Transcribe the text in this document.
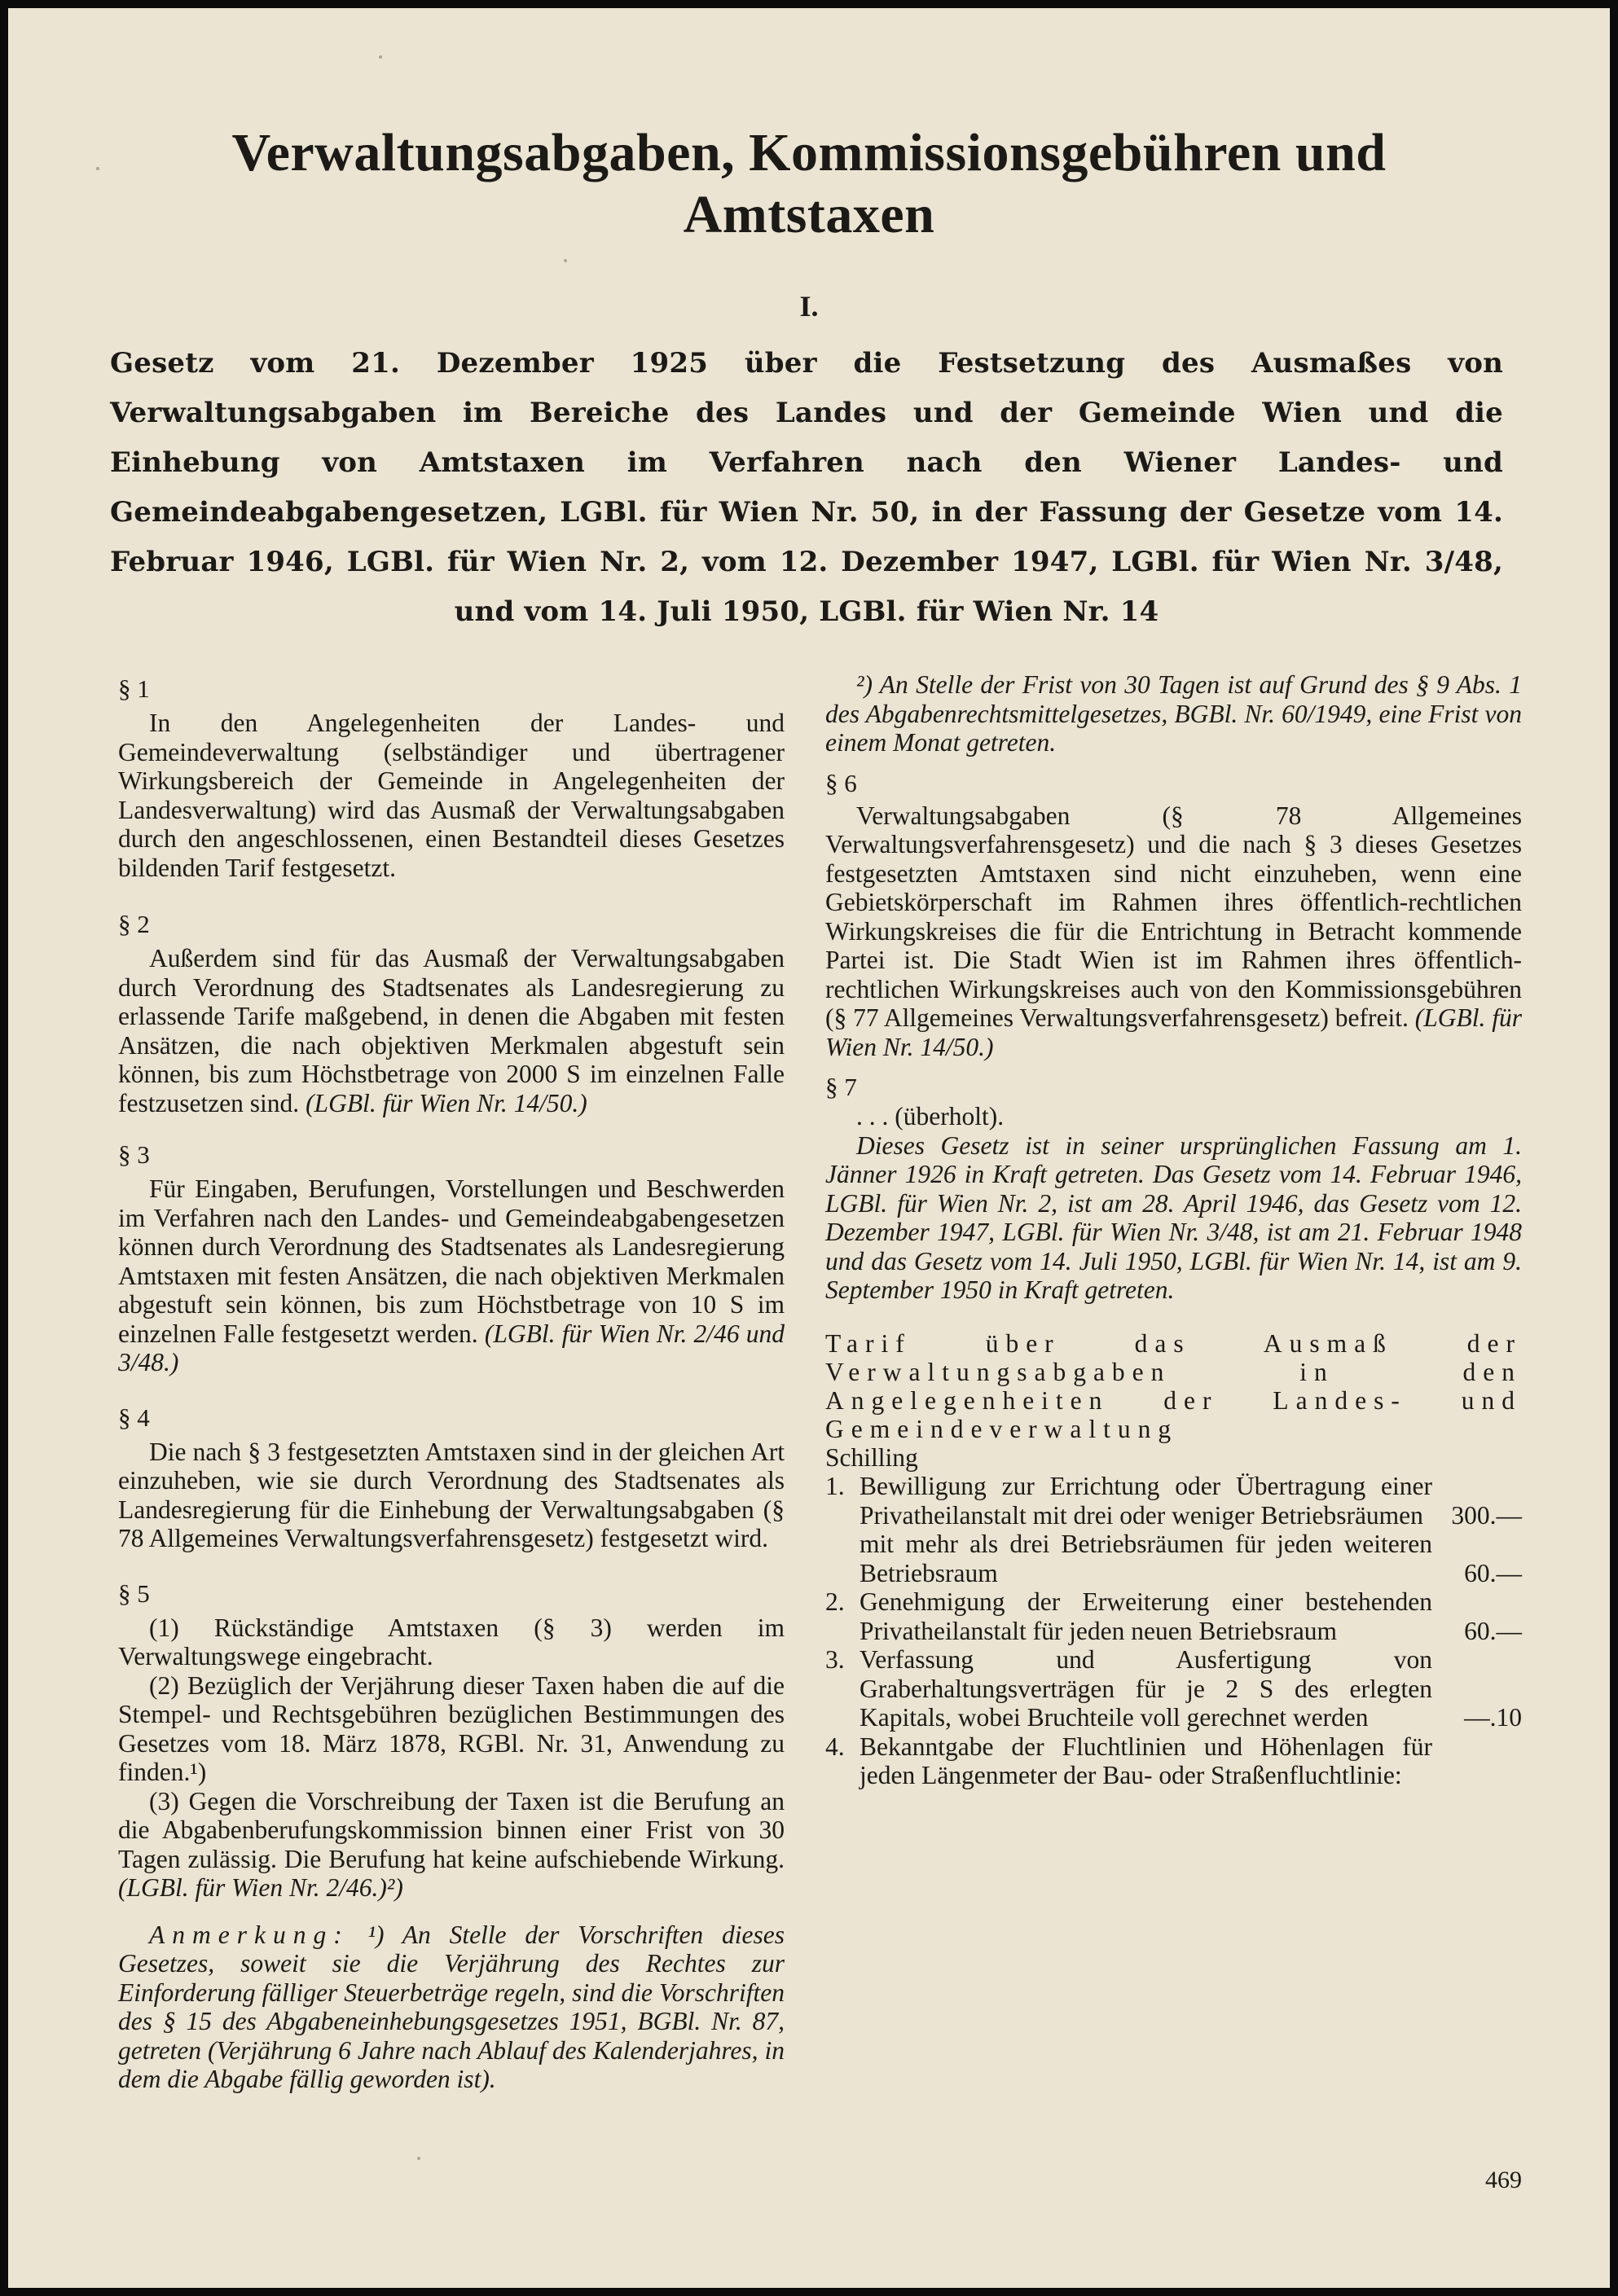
Verwaltungsabgaben, Kommissionsgebühren und Amtstaxen

I.

Gesetz vom 21. Dezember 1925 über die Festsetzung des Ausmaßes von Verwaltungsabgaben im Bereiche des Landes und der Gemeinde Wien und die Einhebung von Amtstaxen im Verfahren nach den Wiener Landes- und Gemeindeabgabengesetzen, LGBl. für Wien Nr. 50, in der Fassung der Gesetze vom 14. Februar 1946, LGBl. für Wien Nr. 2, vom 12. Dezember 1947, LGBl. für Wien Nr. 3/48, und vom 14. Juli 1950, LGBl. für Wien Nr. 14

§ 1

In den Angelegenheiten der Landes- und Gemeindeverwaltung (selbständiger und übertragener Wirkungsbereich der Gemeinde in Angelegenheiten der Landesverwaltung) wird das Ausmaß der Verwaltungsabgaben durch den angeschlossenen, einen Bestandteil dieses Gesetzes bildenden Tarif festgesetzt.

§ 2

Außerdem sind für das Ausmaß der Verwaltungsabgaben durch Verordnung des Stadtsenates als Landesregierung zu erlassende Tarife maßgebend, in denen die Abgaben mit festen Ansätzen, die nach objektiven Merkmalen abgestuft sein können, bis zum Höchstbetrage von 2000 S im einzelnen Falle festzusetzen sind. (LGBl. für Wien Nr. 14/50.)

§ 3

Für Eingaben, Berufungen, Vorstellungen und Beschwerden im Verfahren nach den Landes- und Gemeindeabgabengesetzen können durch Verordnung des Stadtsenates als Landesregierung Amtstaxen mit festen Ansätzen, die nach objektiven Merkmalen abgestuft sein können, bis zum Höchstbetrage von 10 S im einzelnen Falle festgesetzt werden. (LGBl. für Wien Nr. 2/46 und 3/48.)

§ 4

Die nach § 3 festgesetzten Amtstaxen sind in der gleichen Art einzuheben, wie sie durch Verordnung des Stadtsenates als Landesregierung für die Einhebung der Verwaltungsabgaben (§ 78 Allgemeines Verwaltungsverfahrensgesetz) festgesetzt wird.

§ 5

(1) Rückständige Amtstaxen (§ 3) werden im Verwaltungswege eingebracht.

(2) Bezüglich der Verjährung dieser Taxen haben die auf die Stempel- und Rechtsgebühren bezüglichen Bestimmungen des Gesetzes vom 18. März 1878, RGBl. Nr. 31, Anwendung zu finden.¹)

(3) Gegen die Vorschreibung der Taxen ist die Berufung an die Abgabenberufungskommission binnen einer Frist von 30 Tagen zulässig. Die Berufung hat keine aufschiebende Wirkung. (LGBl. für Wien Nr. 2/46.)²)

Anmerkung: ¹) An Stelle der Vorschriften dieses Gesetzes, soweit sie die Verjährung des Rechtes zur Einforderung fälliger Steuerbeträge regeln, sind die Vorschriften des § 15 des Abgabeneinhebungsgesetzes 1951, BGBl. Nr. 87, getreten (Verjährung 6 Jahre nach Ablauf des Kalenderjahres, in dem die Abgabe fällig geworden ist).

²) An Stelle der Frist von 30 Tagen ist auf Grund des § 9 Abs. 1 des Abgabenrechtsmittelgesetzes, BGBl. Nr. 60/1949, eine Frist von einem Monat getreten.

§ 6

Verwaltungsabgaben (§ 78 Allgemeines Verwaltungsverfahrensgesetz) und die nach § 3 dieses Gesetzes festgesetzten Amtstaxen sind nicht einzuheben, wenn eine Gebietskörperschaft im Rahmen ihres öffentlich-rechtlichen Wirkungskreises die für die Entrichtung in Betracht kommende Partei ist. Die Stadt Wien ist im Rahmen ihres öffentlich-rechtlichen Wirkungskreises auch von den Kommissionsgebühren (§ 77 Allgemeines Verwaltungsverfahrensgesetz) befreit. (LGBl. für Wien Nr. 14/50.)

§ 7

. . . (überholt).

Dieses Gesetz ist in seiner ursprünglichen Fassung am 1. Jänner 1926 in Kraft getreten. Das Gesetz vom 14. Februar 1946, LGBl. für Wien Nr. 2, ist am 28. April 1946, das Gesetz vom 12. Dezember 1947, LGBl. für Wien Nr. 3/48, ist am 21. Februar 1948 und das Gesetz vom 14. Juli 1950, LGBl. für Wien Nr. 14, ist am 9. September 1950 in Kraft getreten.

Tarif über das Ausmaß der Verwaltungsabgaben in den Angelegenheiten der Landes- und Gemeindeverwaltung

Schilling

1. Bewilligung zur Errichtung oder Übertragung einer Privatheilanstalt mit drei oder weniger Betriebsräumen	300.—
mit mehr als drei Betriebsräumen für jeden weiteren Betriebsraum	60.—
2. Genehmigung der Erweiterung einer bestehenden Privatheilanstalt für jeden neuen Betriebsraum	60.—
3. Verfassung und Ausfertigung von Graberhaltungsverträgen für je 2 S des erlegten Kapitals, wobei Bruchteile voll gerechnet werden	—.10
4. Bekanntgabe der Fluchtlinien und Höhenlagen für jeden Längenmeter der Bau- oder Straßenfluchtlinie:

469
